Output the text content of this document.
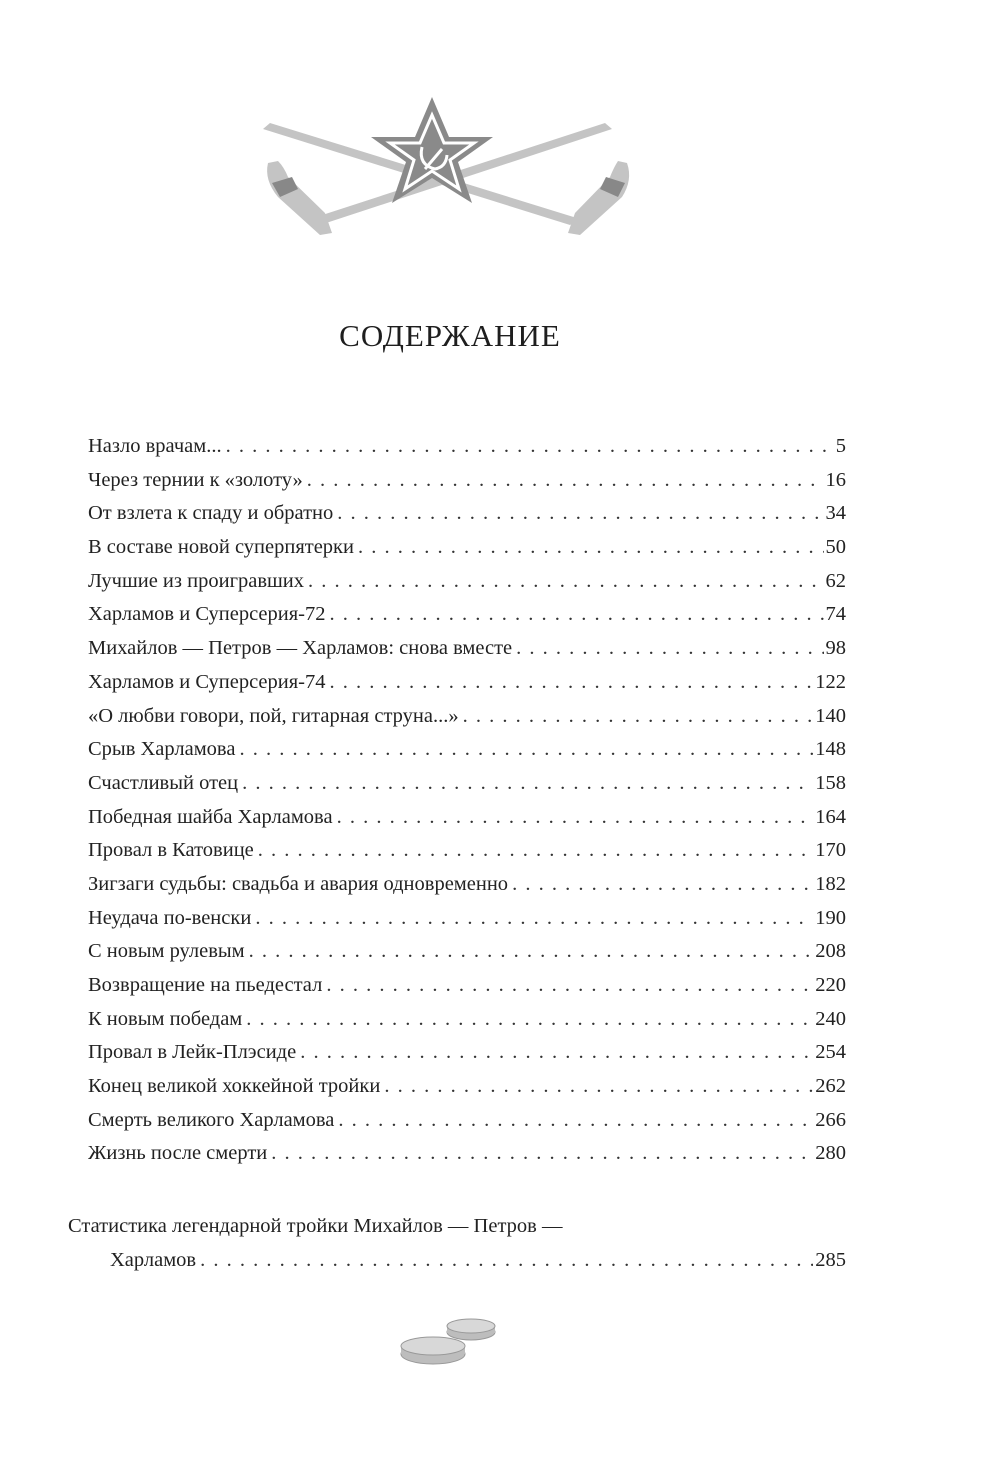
СОДЕРЖАНИЕ
Назло врачам... . . .	5
Через тернии к «золоту» . . .	16
От взлета к спаду и обратно . . .	34
В составе новой суперпятерки . . .	50
Лучшие из проигравших . . .	62
Харламов и Суперсерия-72 . . .	74
Михайлов — Петров — Харламов: снова вместе . . .	98
Харламов и Суперсерия-74 . . .	122
«О любви говори, пой, гитарная струна...» . . .	140
Срыв Харламова . . .	148
Счастливый отец . . .	158
Победная шайба Харламова . . .	164
Провал в Катовице . . .	170
Зигзаги судьбы: свадьба и авария одновременно . . .	182
Неудача по-венски . . .	190
С новым рулевым . . .	208
Возвращение на пьедестал . . .	220
К новым победам . . .	240
Провал в Лейк-Плэсиде . . .	254
Конец великой хоккейной тройки . . .	262
Смерть великого Харламова . . .	266
Жизнь после смерти . . .	280
Статистика легендарной тройки Михайлов — Петров —
Харламов . . .	285
